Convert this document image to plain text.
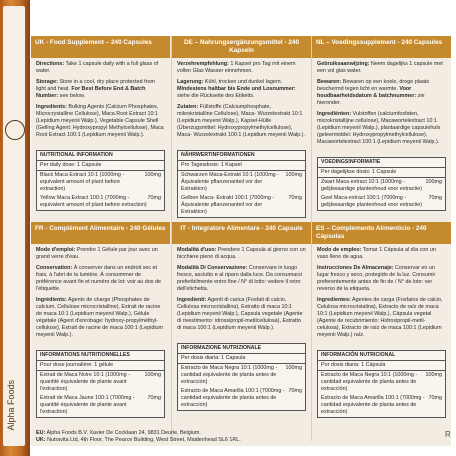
Alpha Foods
UK - Food Supplement – 240 Capsules

Directions: Take 1 capsule daily with a full glass of water.

Storage: Store in a cool, dry place protected from light and heat. For Best Before End & Batch Number: see below.

Ingredients: Bulking Agents (Calcium Phosphates, Microcrystalline Cellulose), Maca Root Extract 10:1 (Lepidium meyenii Walp.), Vegetable Capsule Shell (Gelling Agent: Hydroxypropyl Methylcellulose), Maca Root Extract 100:1 (Lepidium meyenii Walp.).

NUTRITIONAL INFORMATION
Per daily dose: 1 Capsule
Black Maca Extract 10:1 (1000mg - equivalent amount of plant before extraction)
100mg
Yellow Maca Extract 100:1 (7000mg - equivalent amount of plant before extraction)
70mg
DE – Nahrungsergänzungsmittel - 240 Kapseln

Verzehrempfehlung: 1 Kapsel pro Tag mit einem vollen Glas Wasser einnehmen.

Lagerung: Kühl, trocken und dunkel lagern. Mindestens haltbar bis Ende und Losnummer: siehe die Rückseite des Etiketts.

Zutaten: Füllstoffe (Calciumphosphate, mikrokristalline Cellulose), Maca- Wurzelextrakt 10:1 (Lepidium meyenii Walp.), Kapsel-Hülle (Überzugsmittel: Hydroxypropylmethylcellulose), Maca- Wurzelextrakt 100:1 (Lepidium meyenii Walp.).

NÄHRWERTINFORMATIONEN
Pro Tagesdosis: 1 Kapsel
Schwarzen Maca-Extrakt 10:1 (1000mg - Äquivalente pflanzenanteil vor der Extraktion)
100mg
Gelben Maca- Extrakt 100:1 (7000mg - Äquivalente pflanzenanteil vor der Extraktion)
70mg
NL – Voedingssupplement - 240 Capsules

Gebruiksaanwijzing: Neem dagelijks 1 capsule met een vol glas water.

Bewaren: Bewaren op een koele, droge plaats beschermd tegen licht en warmte. Voor houdbaarheidsdatum & batchnummer: zie hieronder.

Ingrediënten: Vulstoffen (calciumfosfaten, microkristallijne cellulose), Macawortelextract 10:1 (Lepidium meyenii Walp.), plantaardige capsulehuls (geleermiddel: Hydroxypropylmethylcellulose), Macawortelextract 100:1 (Lepidium meyenii Walp.).

VOEDINGSINFORMATIE
Per dagelijkse dosis: 1 Capsule
Zwart Maca extract 10:1 (1000mg - gelijkwaardige plantenhoud voor extractie)
100mg
Geel Maca-extract 100:1 (7000mg - gelijkwaardige plantenhoud voor extractie)
70mg
FR - Complément Alimentaire - 240 Gélules

Mode d'emploi: Prendre 1 Gélule par jour avec un grand verre d'eau.

Conservation: À conserver dans un endroit sec et frais, à l'abri de la lumière. À consommer de préférence avant fin et numéro de lot: voir au dos de l'étiquette.

Ingrédients: Agents de charge (Phosphates de calcium, Cellulose microcristalline), Extrait de racine de maca 10:1 (Lepidium meyenii Walp.), Gélule végétale (Agent d'enrobage: hydroxy-propylméthyl-cellulose), Extrait de racine de maca 100:1 (Lepidium meyenii Walp.).

INFORMATIONS NUTRITIONNELLES
Pour dose journalière: 1 gélule
Extrait de Maca Noire 10:1 (1000mg - quantité équivalente de plante avant l'extraction)
100mg
Extrait de Maca Jaune 100:1 (7000mg - quantité équivalente de plante avant l'extraction)
70mg
IT - Integratore Alimentare - 240 Capsule

Modalità d'uso: Prendere 1 Capsula al giorno con un bicchiere pieno di acqua.

Modalità Di Conservazione: Conservare in luogo fresco, asciutto e al riparo dalla luce. Da consumarsi preferibilmente entro fine / N° di lotto: vedere il retro dell'etichetta.

Ingredienti: Agenti di carica (Fosfati di calcio, Cellulosa microcristallina), Estratto di maca 10:1 (Lepidium meyenii Walp.), Capsula vegetale (Agente di rivestimento: idrossipropil-metilcellulosa), Estratto di maca 100:1 (Lepidium meyenii Walp.).

INFORMAZIONE NUTRIZIONALE
Per dosis diaria: 1 Capsula
Estracto de Maca Negra 10:1 (1000mg - cantidad equivalente de planta antes de extracción)
100mg
Estracto de Maca Amarilla 100:1 (7000mg - cantidad equivalente de planta antes de extracción)
70mg
ES – Complemento Alimenticio - 240 Cápsulas

Modo de empleo: Tomar 1 Cápsula al día con un vaso lleno de agua.

Instrucciones De Almacenaje: Conservar en un lugar fresco y seco, protegido de la luz. Consumir preferentemente antes de fin de / N° de lote: ver reverso de la etiqueta.

Ingredientes: Agentes de carga (Fosfatos de calcio, Celulosa microcristalina), Extracto de raíz de maca 10:1 (Lepidium meyenii Walp.), Cápsula vegetal (Agente de recubrimiento: Hidroxipropil-metil- celulosa), Extracto de raíz de maca 100:1 (Lepidium meyenii Walp.) raíz.

INFORMACIÓN NUTRICIONAL
Por dosis diaria: 1 Cápsula
Estracto de Maca Negra 10:1 (1000mg - cantidad equivalente de planta antes de extracción)
100mg
Estracto de Maca Amarilla 100:1 (7000mg - cantidad equivalente de planta antes de extracción)
70mg
EU: Alpha Foods B.V. Xavier De Cocklaan 24, 9831 Deurle, Belgium.
UK: Nutravita Ltd, 4th Floor, The Pearce Building, West Street, Maidenhead SL6 1RL.
R
